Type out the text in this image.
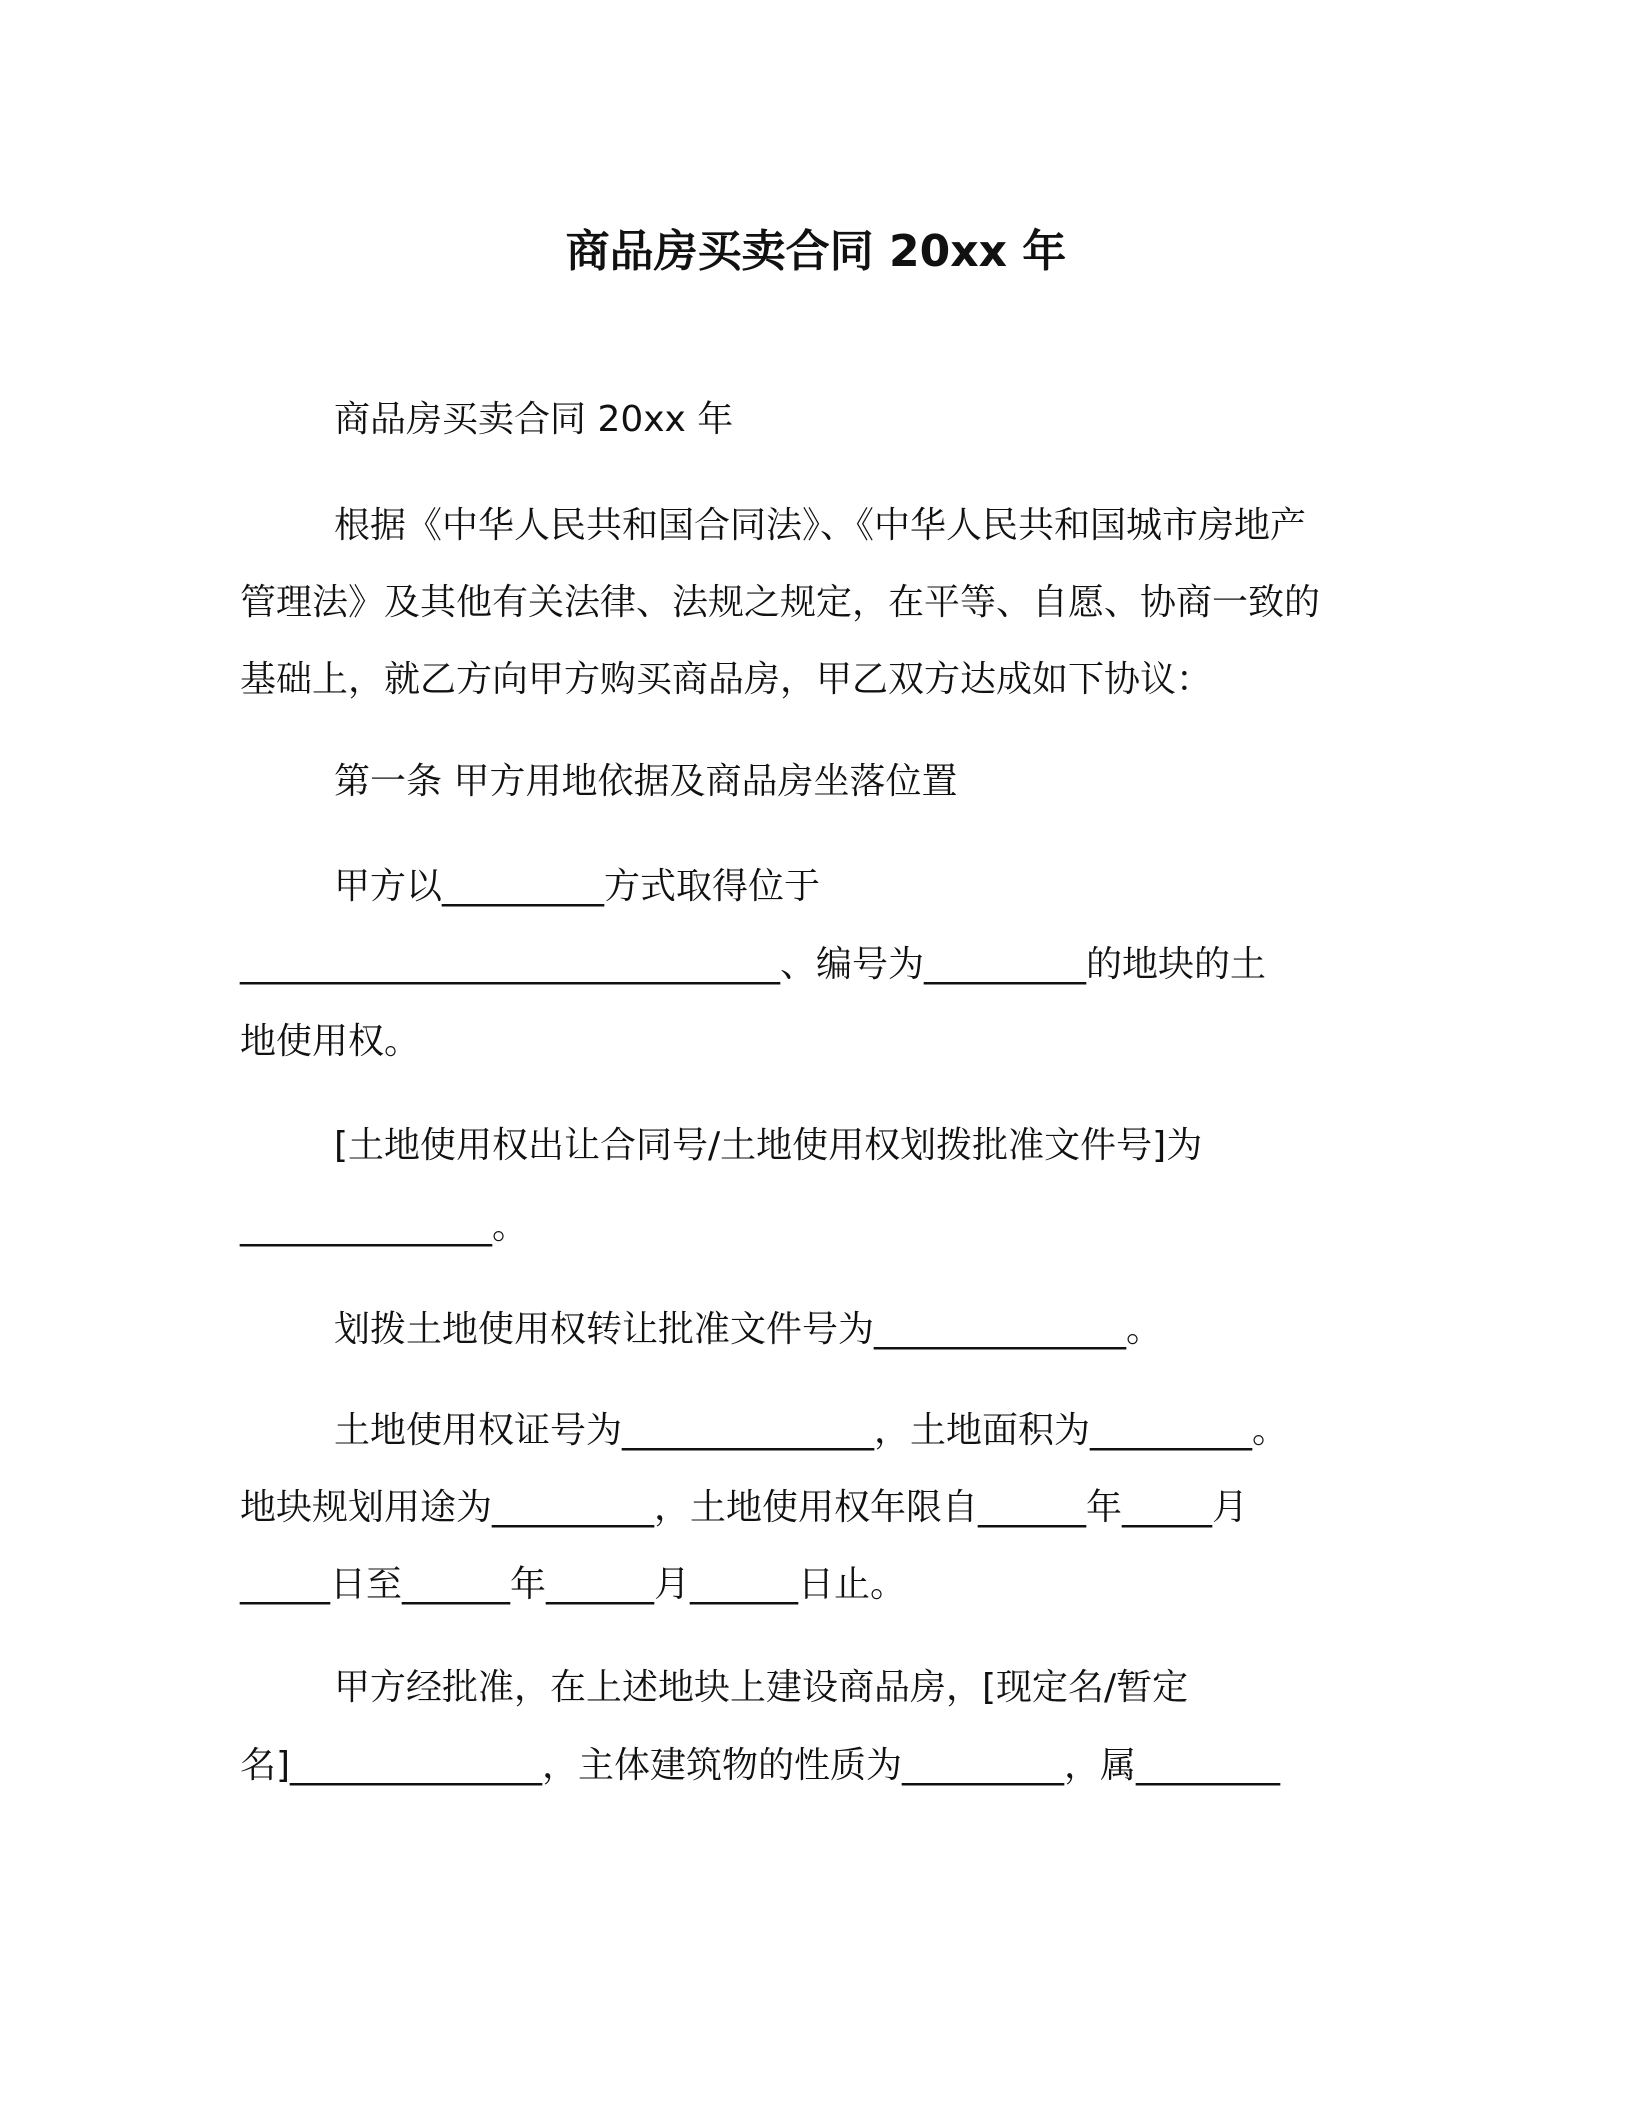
商品房买卖合同 20xx 年
商品房买卖合同 20xx 年
根据《中华人民共和国合同法》、《中华人民共和国城市房地产
管理法》及其他有关法律、法规之规定，在平等、自愿、协商一致的
基础上，就乙方向甲方购买商品房，甲乙双方达成如下协议：
第一条 甲方用地依据及商品房坐落位置
甲方以_________方式取得位于
______________________________、编号为_________的地块的土
地使用权。
[土地使用权出让合同号/土地使用权划拨批准文件号]为
______________。
划拨土地使用权转让批准文件号为______________。
土地使用权证号为______________，土地面积为_________。
地块规划用途为_________，土地使用权年限自______年_____月
_____日至______年______月______日止。
甲方经批准，在上述地块上建设商品房，[现定名/暂定
名]______________，主体建筑物的性质为_________，属________
